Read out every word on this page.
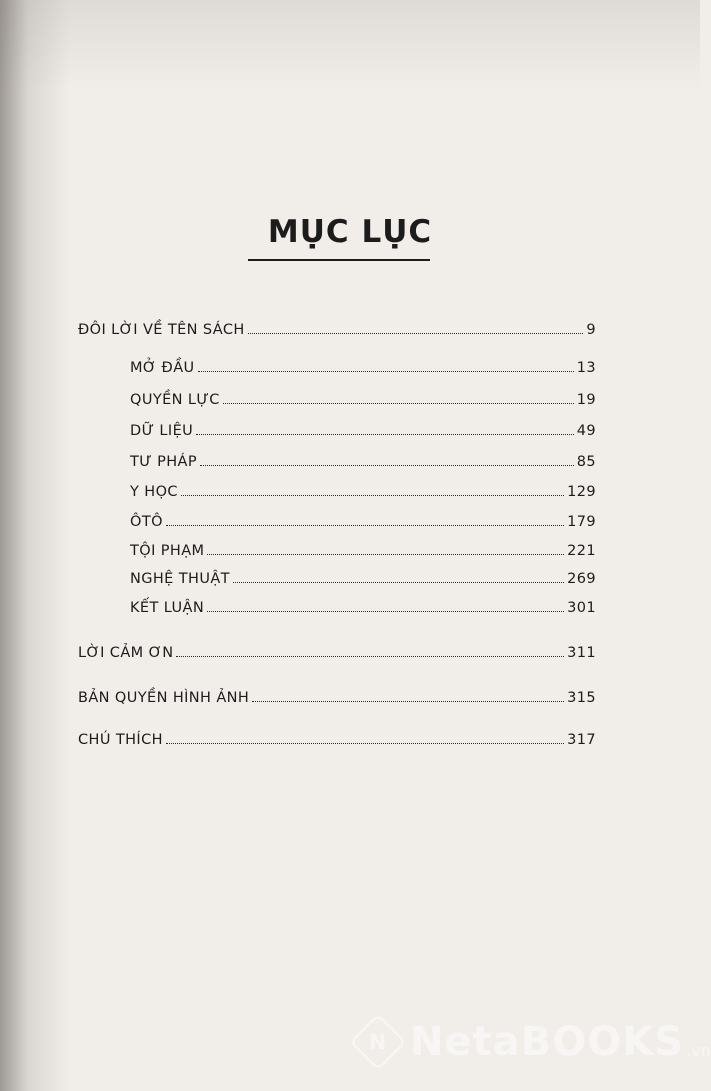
MỤC LỤC
ĐÔI LỜI VỀ TÊN SÁCH	9
MỞ ĐẦU	13
QUYỀN LỰC	19
DỮ LIỆU	49
TƯ PHÁP	85
Y HỌC	129
ÔTÔ	179
TỘI PHẠM	221
NGHỆ THUẬT	269
KẾT LUẬN	301
LỜI CẢM ƠN	311
BẢN QUYỀN HÌNH ẢNH	315
CHÚ THÍCH	317
N NetaBOOKS .vn
